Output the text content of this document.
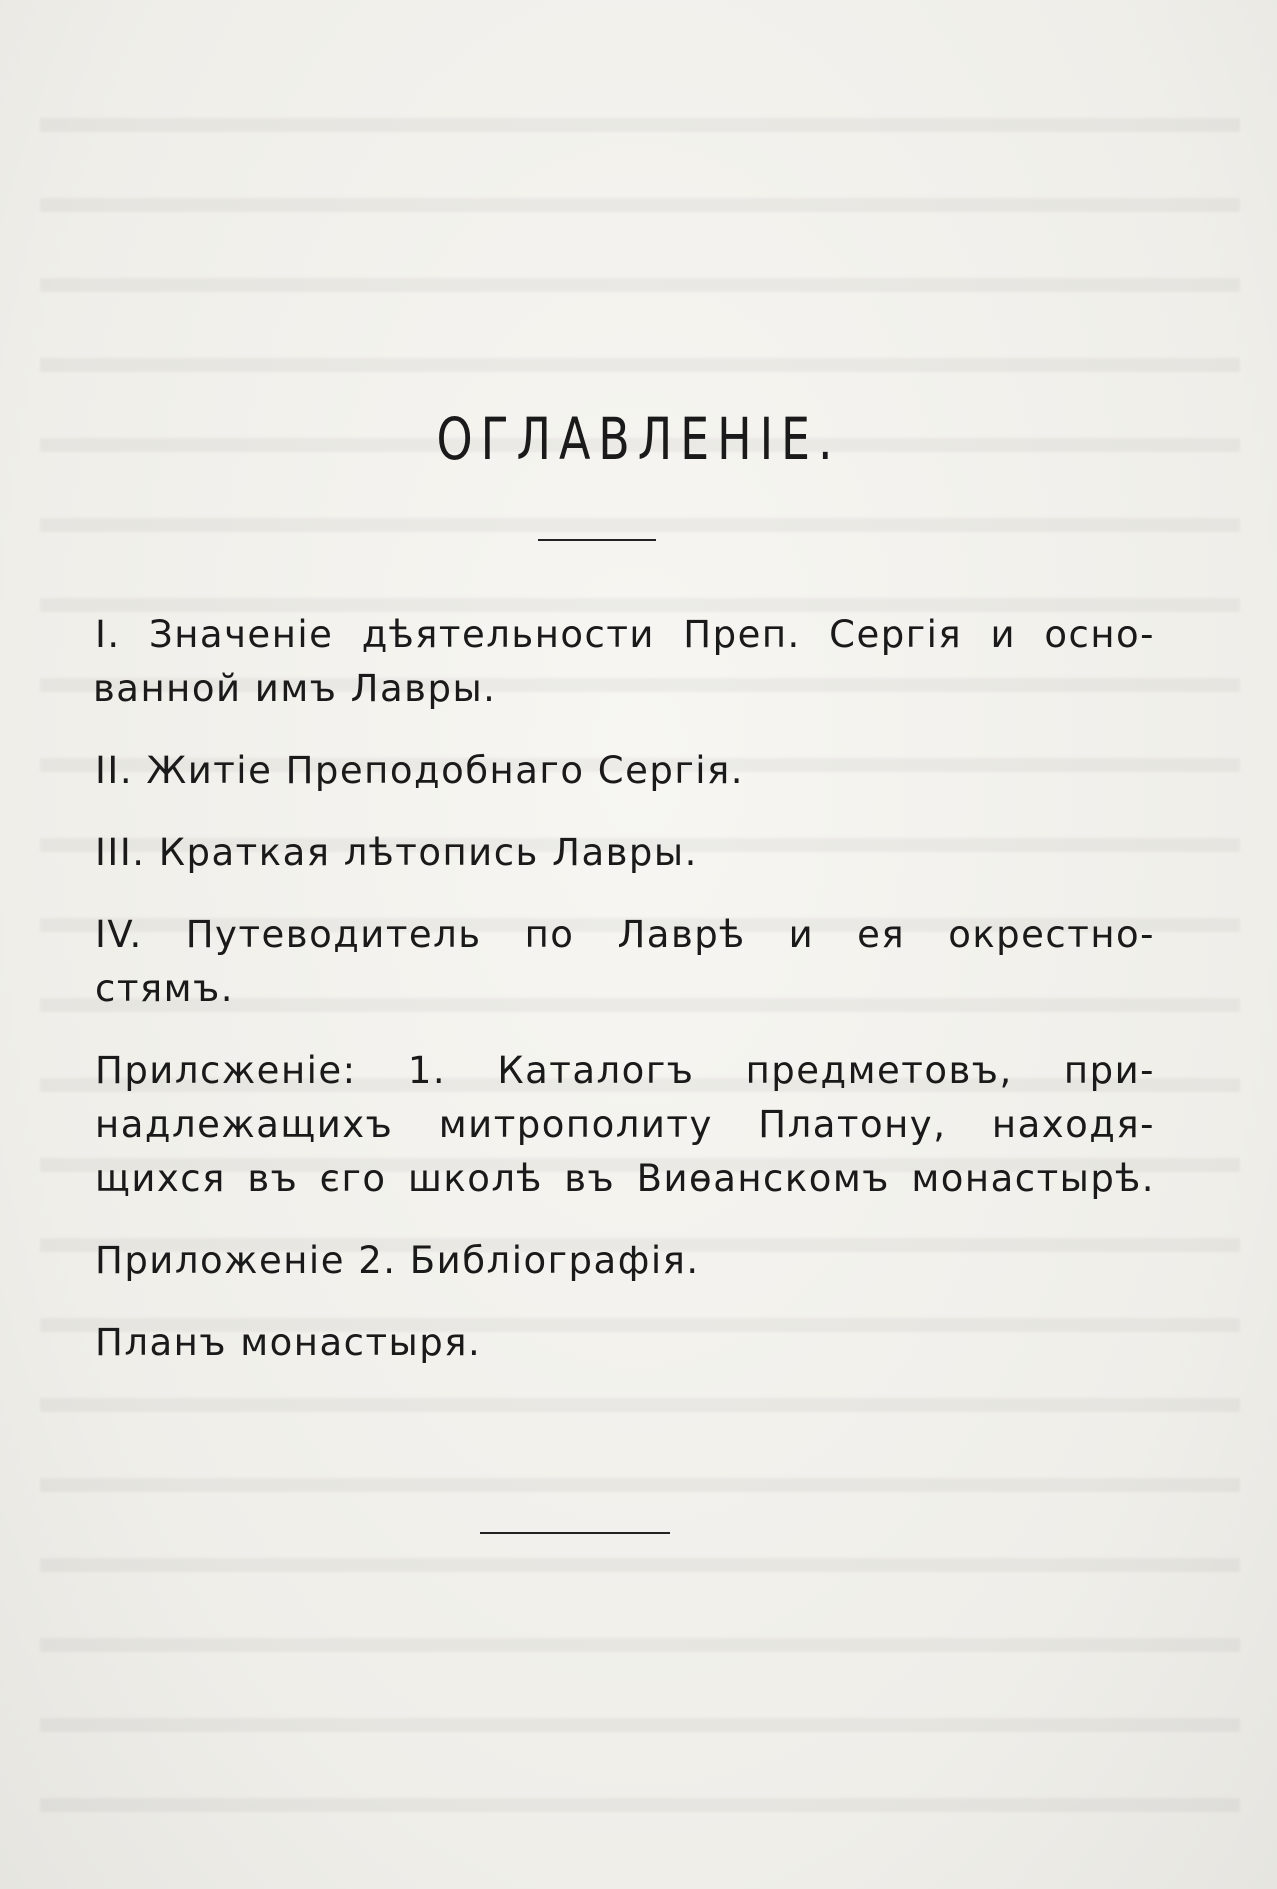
ОГЛАВЛЕНІЕ.
I. Значеніе дѣятельности Преп. Сергія и осно-
ванной имъ Лавры.
II. Житіе Преподобнаго Сергія.
III. Краткая лѣтопись Лавры.
IV. Путеводитель по Лаврѣ и ея окрестно-
стямъ.
Прилсженіе: 1. Каталогъ предметовъ, при-
надлежащихъ митрополиту Платону, находя-
щихся въ єго школѣ въ Виѳанскомъ монастырѣ.
Приложеніе 2. Библіографія.
Планъ монастыря.
